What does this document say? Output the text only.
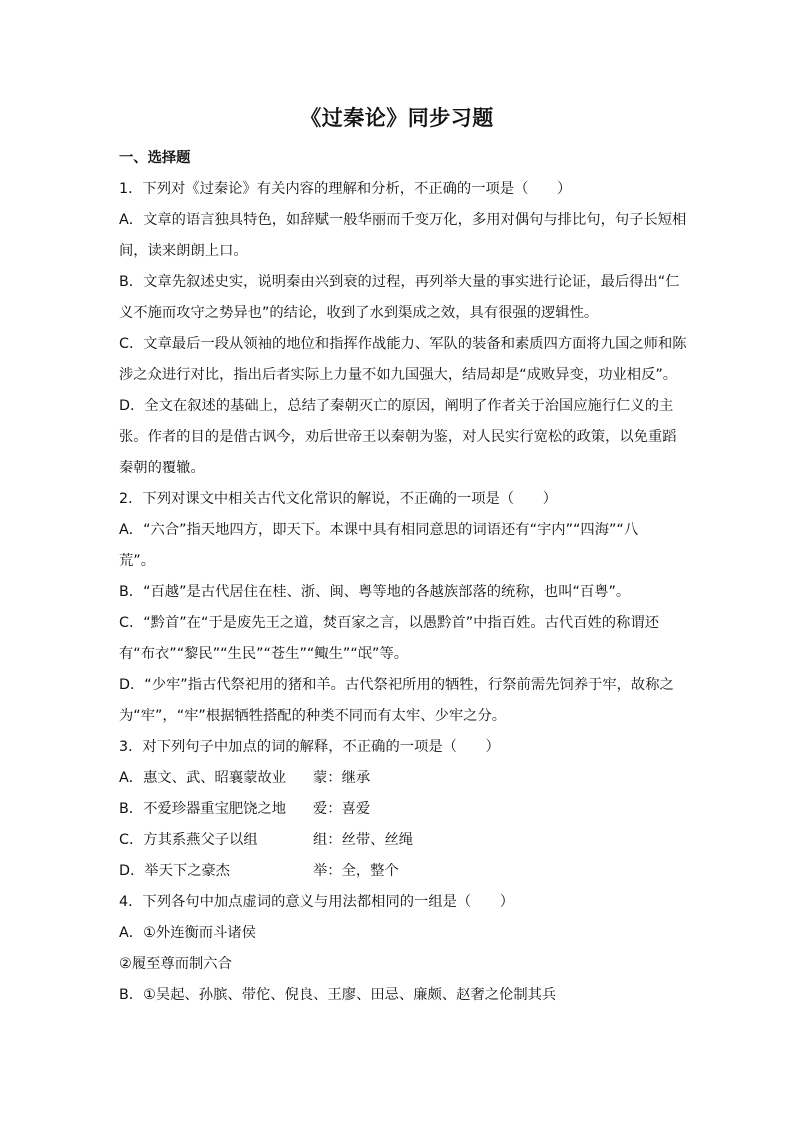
《过秦论》同步习题
一、选择题
1．下列对《过秦论》有关内容的理解和分析，不正确的一项是（　　）
A．文章的语言独具特色，如辞赋一般华丽而千变万化，多用对偶句与排比句，句子长短相
间，读来朗朗上口。
B．文章先叙述史实，说明秦由兴到衰的过程，再列举大量的事实进行论证，最后得出“仁
义不施而攻守之势异也”的结论，收到了水到渠成之效，具有很强的逻辑性。
C．文章最后一段从领袖的地位和指挥作战能力、军队的装备和素质四方面将九国之师和陈
涉之众进行对比，指出后者实际上力量不如九国强大，结局却是“成败异变，功业相反”。
D．全文在叙述的基础上，总结了秦朝灭亡的原因，阐明了作者关于治国应施行仁义的主
张。作者的目的是借古讽今，劝后世帝王以秦朝为鉴，对人民实行宽松的政策，以免重蹈
秦朝的覆辙。
2．下列对课文中相关古代文化常识的解说，不正确的一项是（　　）
A．“六合”指天地四方，即天下。本课中具有相同意思的词语还有“宇内”“四海”“八
荒”。
B．“百越”是古代居住在桂、浙、闽、粤等地的各越族部落的统称，也叫“百粤”。
C．“黔首”在“于是废先王之道，焚百家之言，以愚黔首”中指百姓。古代百姓的称谓还
有“布衣”“黎民”“生民”“苍生”“鲰生”“氓”等。
D．“少牢”指古代祭祀用的猪和羊。古代祭祀所用的牺牲，行祭前需先饲养于牢，故称之
为“牢”，“牢”根据牺牲搭配的种类不同而有太牢、少牢之分。
3．对下列句子中加点的词的解释，不正确的一项是（　　）
A．惠文、武、昭襄蒙故业	蒙：继承
B．不爱珍器重宝肥饶之地	爱：喜爱
C．方其系燕父子以组	组：丝带、丝绳
D．举天下之豪杰	举：全，整个
4．下列各句中加点虚词的意义与用法都相同的一组是（　　）
A．①外连衡而斗诸侯
②履至尊而制六合
B．①吴起、孙膑、带佗、倪良、王廖、田忌、廉颇、赵奢之伦制其兵
